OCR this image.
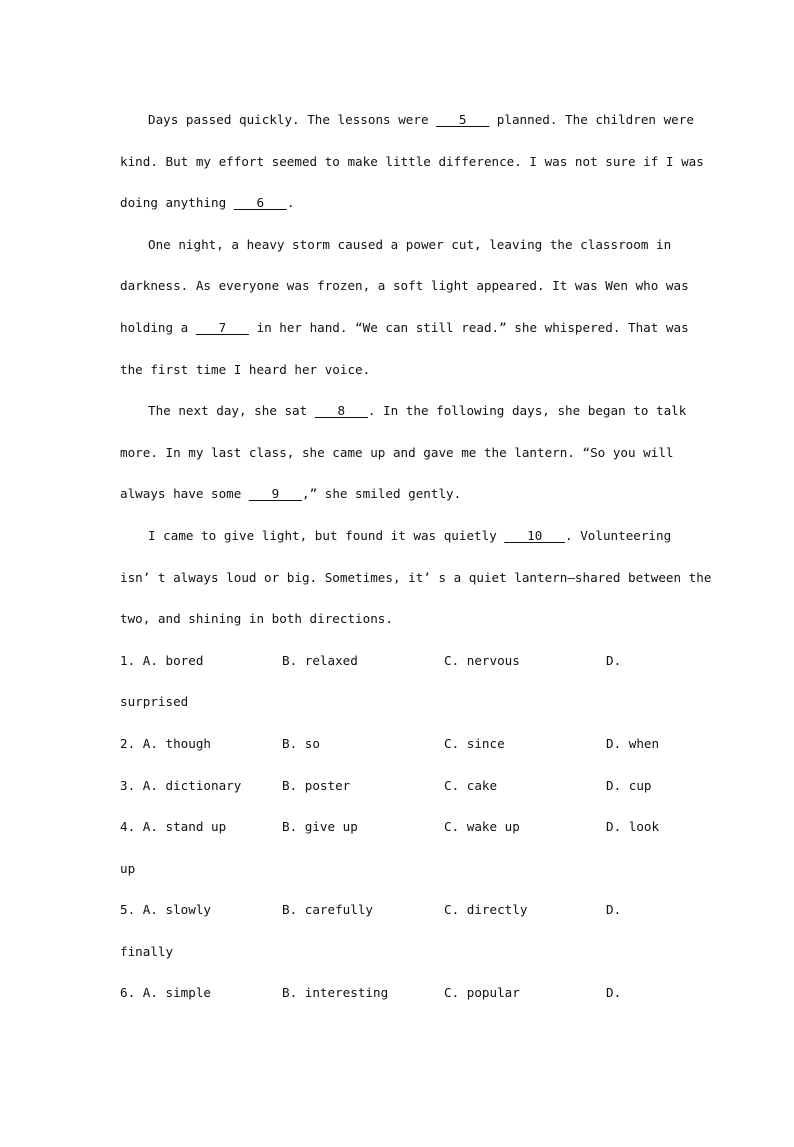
Days passed quickly. The lessons were ___5___ planned. The children were
kind. But my effort seemed to make little difference. I was not sure if I was
doing anything ___6___.
One night, a heavy storm caused a power cut, leaving the classroom in
darkness. As everyone was frozen, a soft light appeared. It was Wen who was
holding a ___7___ in her hand. “We can still read.” she whispered. That was
the first time I heard her voice.
The next day, she sat ___8___. In the following days, she began to talk
more. In my last class, she came up and gave me the lantern. “So you will
always have some ___9___,” she smiled gently.
I came to give light, but found it was quietly ___10___. Volunteering
isn’ t always loud or big. Sometimes, it’ s a quiet lantern—shared between the
two, and shining in both directions.

1. A. bored

	B. relaxed

	C. nervous

	D.

surprised

2. A. though

	B. so

	C. since

	D. when

3. A. dictionary

	B. poster

	C. cake

	D. cup

4. A. stand up

	B. give up

	C. wake up

	D. look

up

5. A. slowly

	B. carefully

	C. directly

	D.

finally

6. A. simple

	B. interesting

	C. popular

	D.
